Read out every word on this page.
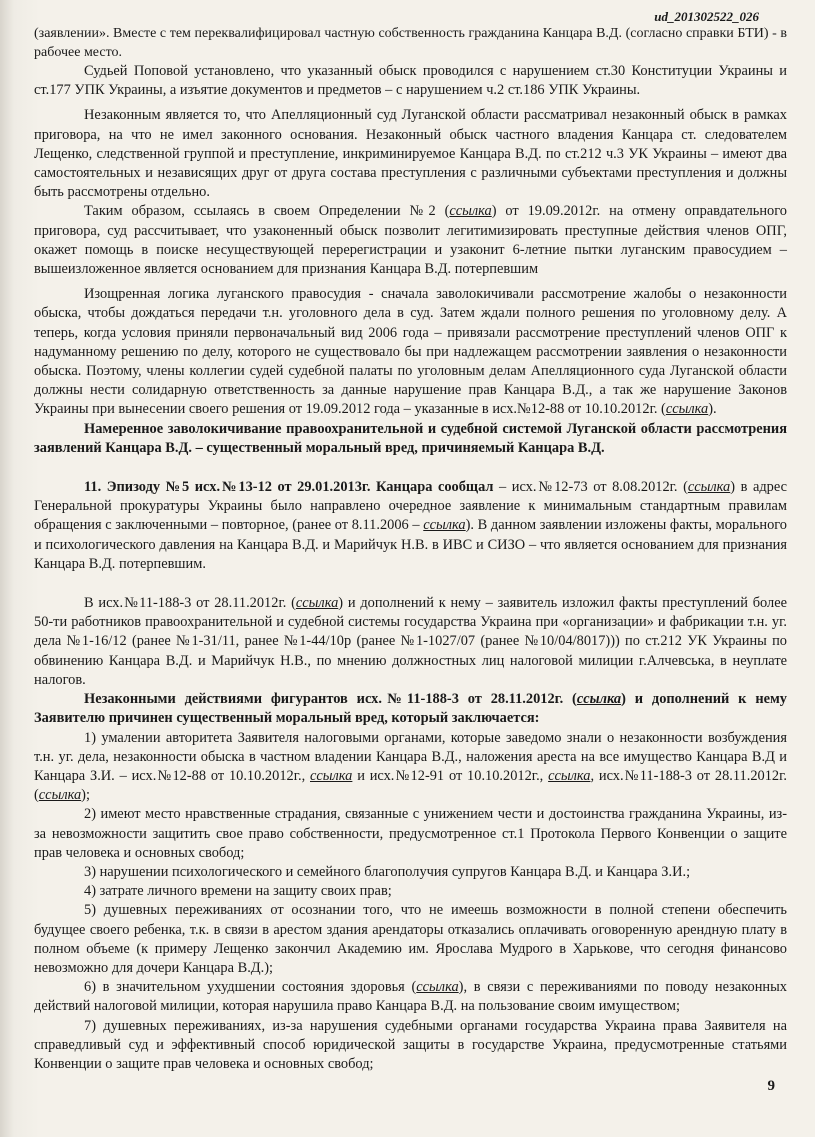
ud_201302522_026

(заявлении». Вместе с тем переквалифицировал частную собственность гражданина Канцара В.Д. (согласно справки БТИ) - в рабочее место.

Судьей Поповой установлено, что указанный обыск проводился с нарушением ст.30 Конституции Украины и ст.177 УПК Украины, а изъятие документов и предметов – с нарушением ч.2 ст.186 УПК Украины.

Незаконным является то, что Апелляционный суд Луганской области рассматривал незаконный обыск в рамках приговора, на что не имел законного основания. Незаконный обыск частного владения Канцара ст. следователем Лещенко, следственной группой и преступление, инкриминируемое Канцара В.Д. по ст.212 ч.3 УК Украины – имеют два самостоятельных и независящих друг от друга состава преступления с различными субъектами преступления и должны быть рассмотрены отдельно.

Таким образом, ссылаясь в своем Определении №2 (ссылка) от 19.09.2012г. на отмену оправдательного приговора, суд рассчитывает, что узаконенный обыск позволит легитимизировать преступные действия членов ОПГ, окажет помощь в поиске несуществующей перерегистрации и узаконит 6-летние пытки луганским правосудием – вышеизложенное является основанием для признания Канцара В.Д. потерпевшим

Изощренная логика луганского правосудия - сначала заволокичивали рассмотрение жалобы о незаконности обыска, чтобы дождаться передачи т.н. уголовного дела в суд. Затем ждали полного решения по уголовному делу. А теперь, когда условия приняли первоначальный вид 2006 года – привязали рассмотрение преступлений членов ОПГ к надуманному решению по делу, которого не существовало бы при надлежащем рассмотрении заявления о незаконности обыска. Поэтому, члены коллегии судей судебной палаты по уголовным делам Апелляционного суда Луганской области должны нести солидарную ответственность за данные нарушение прав Канцара В.Д., а так же нарушение Законов Украины при вынесении своего решения от 19.09.2012 года – указанные в исх.№12-88 от 10.10.2012г. (ссылка).

Намеренное заволокичивание правоохранительной и судебной системой Луганской области рассмотрения заявлений Канцара В.Д. – существенный моральный вред, причиняемый Канцара В.Д.

11. Эпизоду №5 исх.№13-12 от 29.01.2013г. Канцара сообщал – исх.№12-73 от 8.08.2012г. (ссылка) в адрес Генеральной прокуратуры Украины было направлено очередное заявление к минимальным стандартным правилам обращения с заключенными – повторное, (ранее от 8.11.2006 – ссылка). В данном заявлении изложены факты, морального и психологического давления на Канцара В.Д. и Марийчук Н.В. в ИВС и СИЗО – что является основанием для признания Канцара В.Д. потерпевшим.

В исх.№11-188-3 от 28.11.2012г. (ссылка) и дополнений к нему – заявитель изложил факты преступлений более 50-ти работников правоохранительной и судебной системы государства Украина при «организации» и фабрикации т.н. уг. дела №1-16/12 (ранее №1-31/11, ранее №1-44/10р (ранее №1-1027/07 (ранее №10/04/8017))) по ст.212 УК Украины по обвинению Канцара В.Д. и Марийчук Н.В., по мнению должностных лиц налоговой милиции г.Алчевська, в неуплате налогов.

Незаконными действиями фигурантов исх.№11-188-3 от 28.11.2012г. (ссылка) и дополнений к нему Заявителю причинен существенный моральный вред, который заключается:

1) умалении авторитета Заявителя налоговыми органами, которые заведомо знали о незаконности возбуждения т.н. уг. дела, незаконности обыска в частном владении Канцара В.Д., наложения ареста на все имущество Канцара В.Д и Канцара З.И. – исх.№12-88 от 10.10.2012г., ссылка и исх.№12-91 от 10.10.2012г., ссылка, исх.№11-188-3 от 28.11.2012г. (ссылка);

2) имеют место нравственные страдания, связанные с унижением чести и достоинства гражданина Украины, из-за невозможности защитить свое право собственности, предусмотренное ст.1 Протокола Первого Конвенции о защите прав человека и основных свобод;

3) нарушении психологического и семейного благополучия супругов Канцара В.Д. и Канцара З.И.;

4) затрате личного времени на защиту своих прав;

5) душевных переживаниях от осознании того, что не имеешь возможности в полной степени обеспечить будущее своего ребенка, т.к. в связи в арестом здания арендаторы отказались оплачивать оговоренную арендную плату в полном объеме (к примеру Лещенко закончил Академию им. Ярослава Мудрого в Харькове, что сегодня финансово невозможно для дочери Канцара В.Д.);

6) в значительном ухудшении состояния здоровья (ссылка), в связи с переживаниями по поводу незаконных действий налоговой милиции, которая нарушила право Канцара В.Д. на пользование своим имуществом;

7) душевных переживаниях, из-за нарушения судебными органами государства Украина права Заявителя на справедливый суд и эффективный способ юридической защиты в государстве Украина, предусмотренные статьями Конвенции о защите прав человека и основных свобод;

9
